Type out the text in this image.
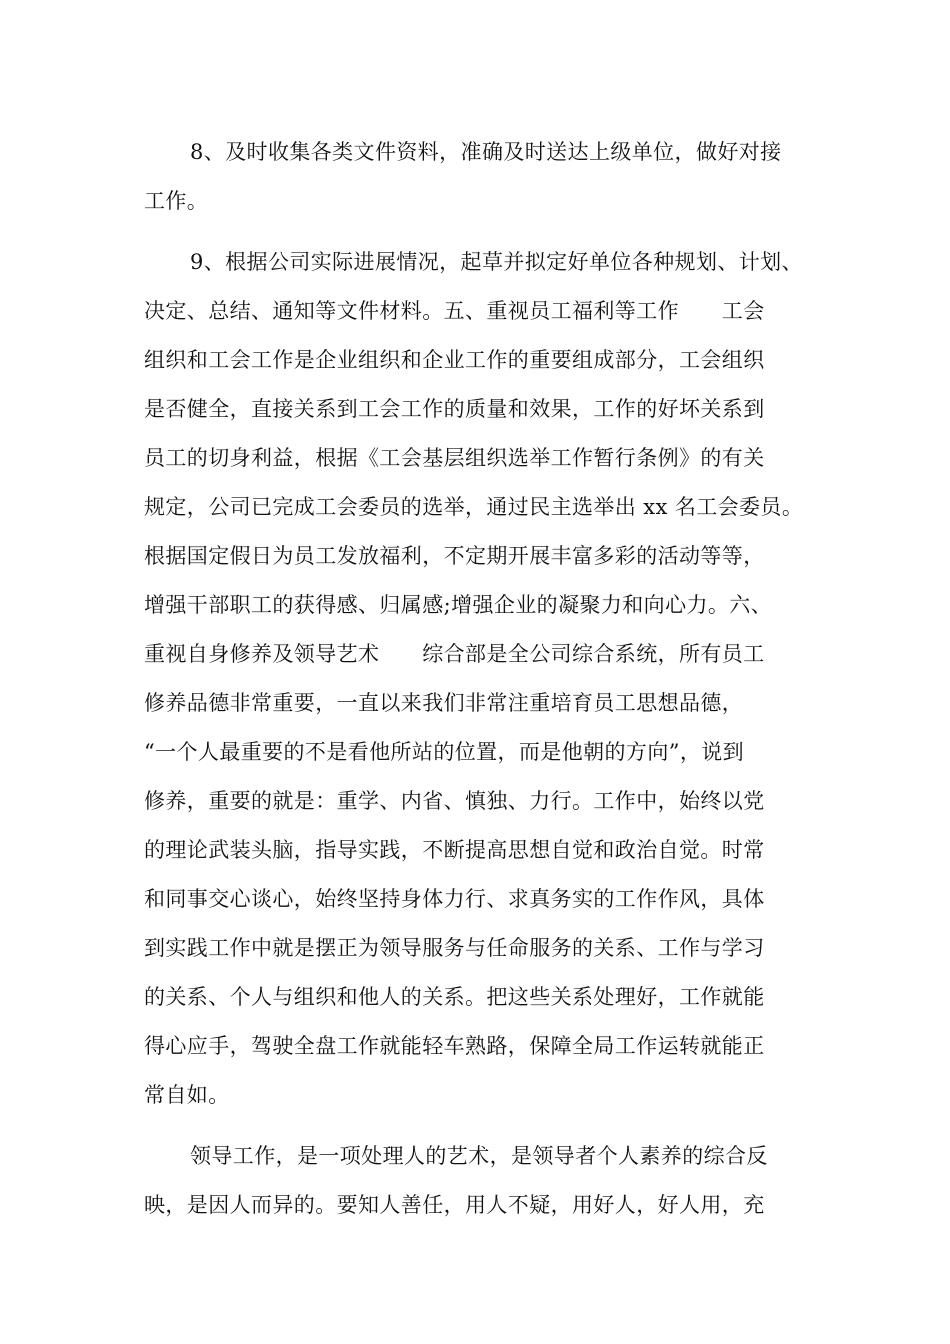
8、及时收集各类文件资料，准确及时送达上级单位，做好对接
工作。
9、根据公司实际进展情况，起草并拟定好单位各种规划、计划、
决定、总结、通知等文件材料。五、重视员工福利等工作　　工会
组织和工会工作是企业组织和企业工作的重要组成部分，工会组织
是否健全，直接关系到工会工作的质量和效果，工作的好坏关系到
员工的切身利益，根据《工会基层组织选举工作暂行条例》的有关
规定，公司已完成工会委员的选举，通过民主选举出 xx 名工会委员。
根据国定假日为员工发放福利，不定期开展丰富多彩的活动等等，
增强干部职工的获得感、归属感;增强企业的凝聚力和向心力。六、
重视自身修养及领导艺术　　综合部是全公司综合系统，所有员工
修养品德非常重要，一直以来我们非常注重培育员工思想品德，
“一个人最重要的不是看他所站的位置，而是他朝的方向”，说到
修养，重要的就是：重学、内省、慎独、力行。工作中，始终以党
的理论武装头脑，指导实践，不断提高思想自觉和政治自觉。时常
和同事交心谈心，始终坚持身体力行、求真务实的工作作风，具体
到实践工作中就是摆正为领导服务与任命服务的关系、工作与学习
的关系、个人与组织和他人的关系。把这些关系处理好，工作就能
得心应手，驾驶全盘工作就能轻车熟路，保障全局工作运转就能正
常自如。
领导工作，是一项处理人的艺术，是领导者个人素养的综合反
映，是因人而异的。要知人善任，用人不疑，用好人，好人用，充
